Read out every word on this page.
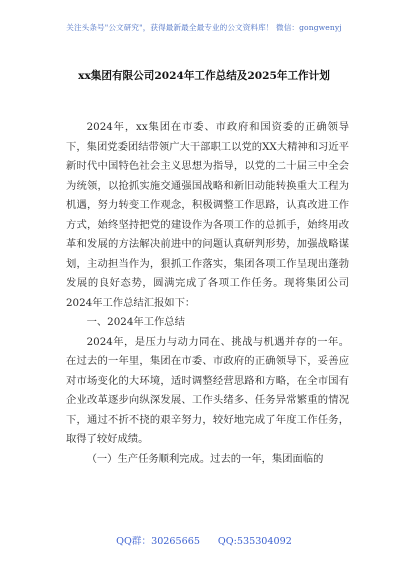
关注头条号"公文研究"，获得最新最全最专业的公文资料库！ 微信：gongwenyj
xx集团有限公司2024年工作总结及2025年工作计划

2024年，xx集团在市委、市政府和国资委的正确领导下，集团党委团结带领广大干部职工以党的XX大精神和习近平新时代中国特色社会主义思想为指导，以党的二十届三中全会为统领，以抢抓实施交通强国战略和新旧动能转换重大工程为机遇，努力转变工作观念，积极调整工作思路，认真改进工作方式，始终坚持把党的建设作为各项工作的总抓手，始终用改革和发展的方法解决前进中的问题认真研判形势，加强战略谋划，主动担当作为，狠抓工作落实，集团各项工作呈现出蓬勃发展的良好态势，圆满完成了各项工作任务。现将集团公司2024年工作总结汇报如下：

一、2024年工作总结

2024年，是压力与动力同在、挑战与机遇并存的一年。在过去的一年里，集团在市委、市政府的正确领导下，妥善应对市场变化的大环境，适时调整经营思路和方略，在全市国有企业改革逐步向纵深发展、工作头绪多、任务异常繁重的情况下，通过不折不挠的艰辛努力，较好地完成了年度工作任务，取得了较好成绩。

（一）生产任务顺利完成。过去的一年，集团面临的

QQ群：30265665 QQ:535304092
